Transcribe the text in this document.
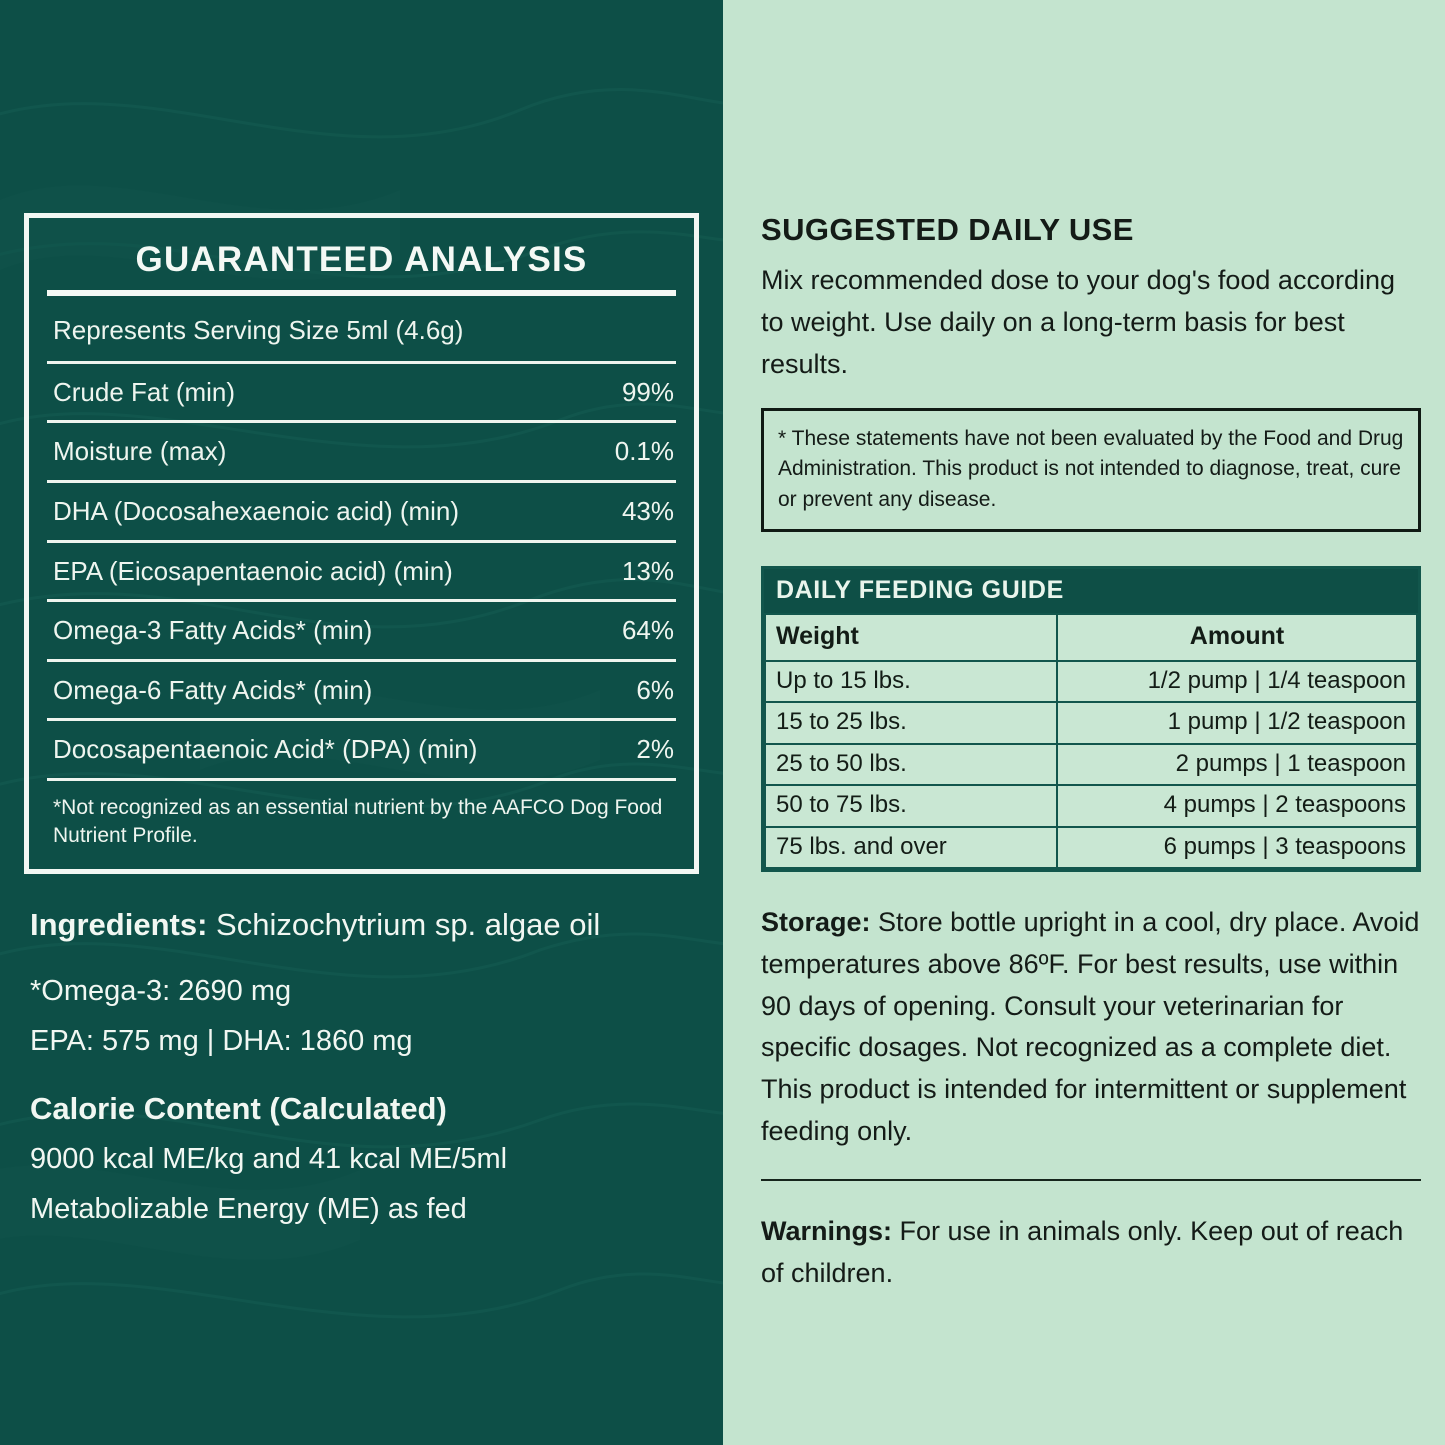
GUARANTEED ANALYSIS
Represents Serving Size 5ml (4.6g)
Crude Fat (min)	99%
Moisture (max)	0.1%
DHA (Docosahexaenoic acid) (min)	43%
EPA (Eicosapentaenoic acid) (min)	13%
Omega-3 Fatty Acids* (min)	64%
Omega-6 Fatty Acids* (min)	6%
Docosapentaenoic Acid* (DPA) (min)	2%
*Not recognized as an essential nutrient by the AAFCO Dog Food Nutrient Profile.
Ingredients: Schizochytrium sp. algae oil
*Omega-3: 2690 mg
EPA: 575 mg | DHA: 1860 mg
Calorie Content (Calculated)
9000 kcal ME/kg and 41 kcal ME/5ml
Metabolizable Energy (ME) as fed
SUGGESTED DAILY USE
Mix recommended dose to your dog's food according to weight. Use daily on a long-term basis for best results.
* These statements have not been evaluated by the Food and Drug Administration. This product is not intended to diagnose, treat, cure or prevent any disease.
DAILY FEEDING GUIDE
Weight	Amount
Up to 15 lbs.	1/2 pump | 1/4 teaspoon
15 to 25 lbs.	1 pump | 1/2 teaspoon
25 to 50 lbs.	2 pumps | 1 teaspoon
50 to 75 lbs.	4 pumps | 2 teaspoons
75 lbs. and over	6 pumps | 3 teaspoons
Storage: Store bottle upright in a cool, dry place. Avoid temperatures above 86ºF. For best results, use within 90 days of opening. Consult your veterinarian for specific dosages. Not recognized as a complete diet. This product is intended for intermittent or supplement feeding only.
Warnings: For use in animals only. Keep out of reach of children.
